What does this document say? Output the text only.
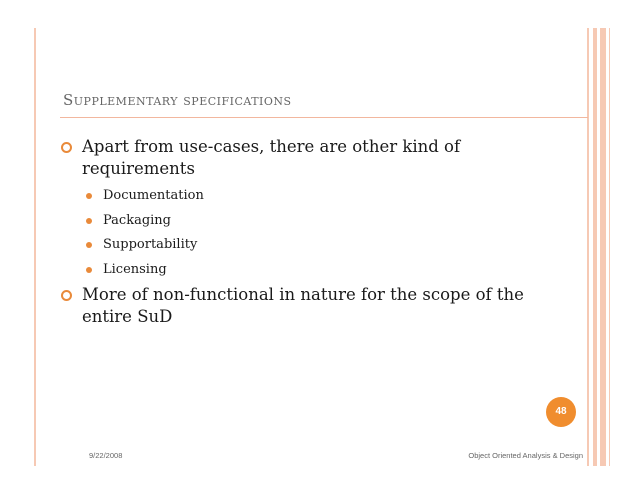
Supplementary specifications
Apart from use-cases, there are other kind of requirements
Documentation
Packaging
Supportability
Licensing
More of non-functional in nature for the scope of the entire SuD
48
9/22/2008	Object Oriented Analysis & Design
